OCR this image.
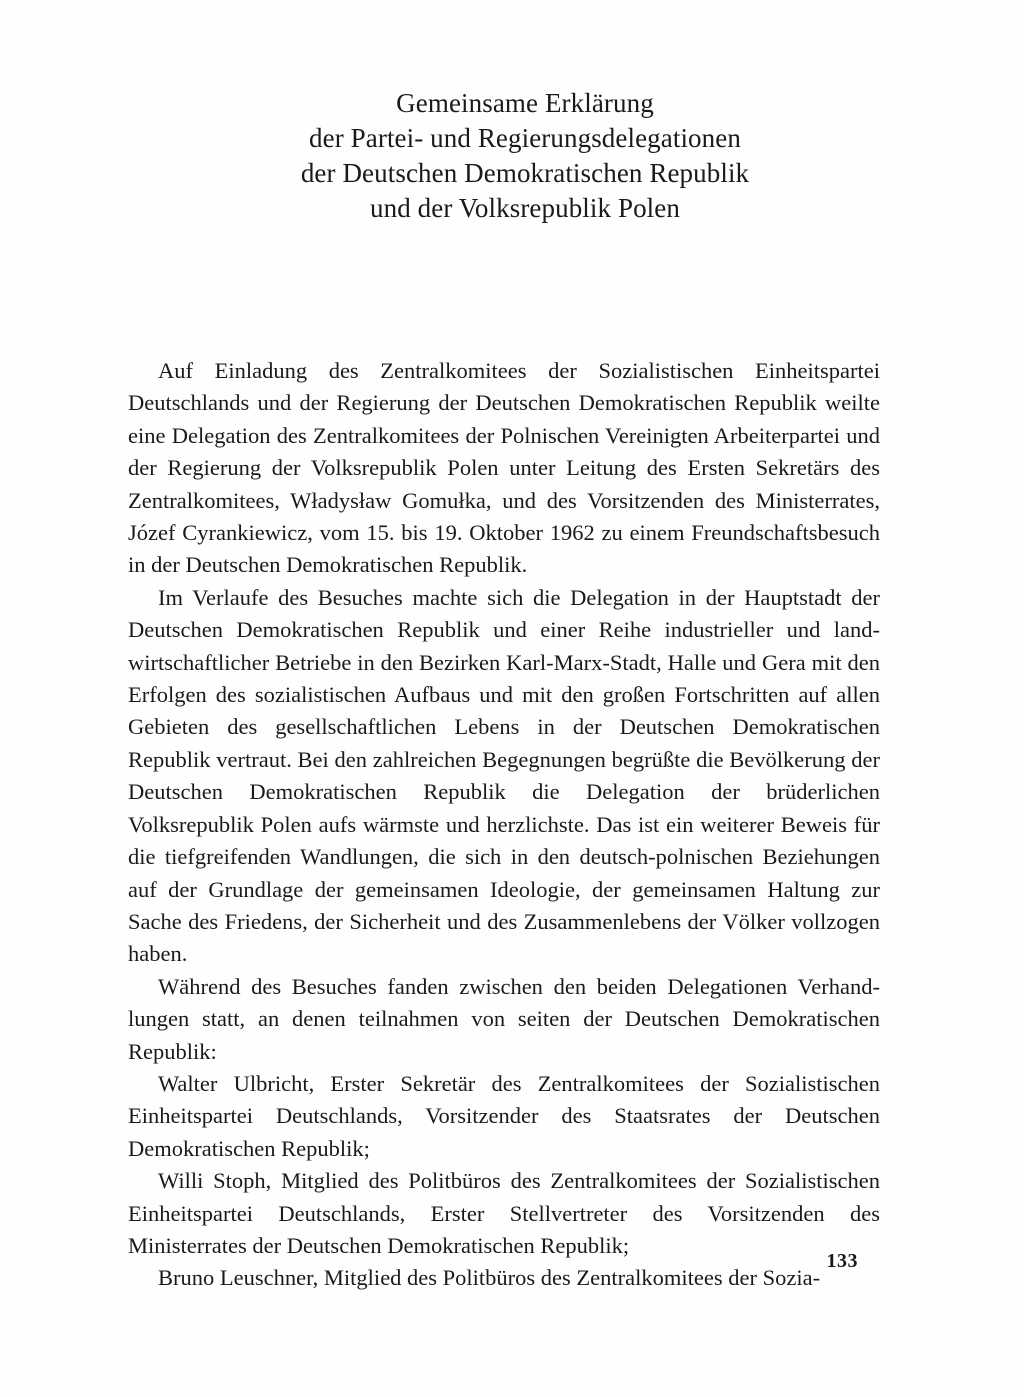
Gemeinsame Erklärung
der Partei- und Regierungsdelegationen
der Deutschen Demokratischen Republik
und der Volksrepublik Polen

Auf Einladung des Zentralkomitees der Sozialistischen Einheitspartei Deutschlands und der Regierung der Deutschen Demokratischen Republik weilte eine Delegation des Zentralkomitees der Polnischen Vereinigten Arbeiterpartei und der Regierung der Volksrepublik Polen unter Leitung des Ersten Sekretärs des Zentralkomitees, Władysław Gomułka, und des Vorsitzenden des Ministerrates, Józef Cyrankiewicz, vom 15. bis 19. Oktober 1962 zu einem Freundschaftsbesuch in der Deutschen Demokratischen Republik.

Im Verlaufe des Besuches machte sich die Delegation in der Hauptstadt der Deutschen Demokratischen Republik und einer Reihe industrieller und landwirtschaftlicher Betriebe in den Bezirken Karl-Marx-Stadt, Halle und Gera mit den Erfolgen des sozialistischen Aufbaus und mit den großen Fortschritten auf allen Gebieten des gesellschaftlichen Lebens in der Deutschen Demokratischen Republik vertraut. Bei den zahlreichen Begegnungen begrüßte die Bevölkerung der Deutschen Demokratischen Republik die Delegation der brüderlichen Volksrepublik Polen aufs wärmste und herzlichste. Das ist ein weiterer Beweis für die tiefgreifenden Wandlungen, die sich in den deutsch-polnischen Beziehungen auf der Grundlage der gemeinsamen Ideologie, der gemeinsamen Haltung zur Sache des Friedens, der Sicherheit und des Zusammenlebens der Völker vollzogen haben.

Während des Besuches fanden zwischen den beiden Delegationen Verhandlungen statt, an denen teilnahmen von seiten der Deutschen Demokratischen Republik:

Walter Ulbricht, Erster Sekretär des Zentralkomitees der Sozialistischen Einheitspartei Deutschlands, Vorsitzender des Staatsrates der Deutschen Demokratischen Republik;

Willi Stoph, Mitglied des Politbüros des Zentralkomitees der Sozialistischen Einheitspartei Deutschlands, Erster Stellvertreter des Vorsitzenden des Ministerrates der Deutschen Demokratischen Republik;

Bruno Leuschner, Mitglied des Politbüros des Zentralkomitees der Sozia-

133
